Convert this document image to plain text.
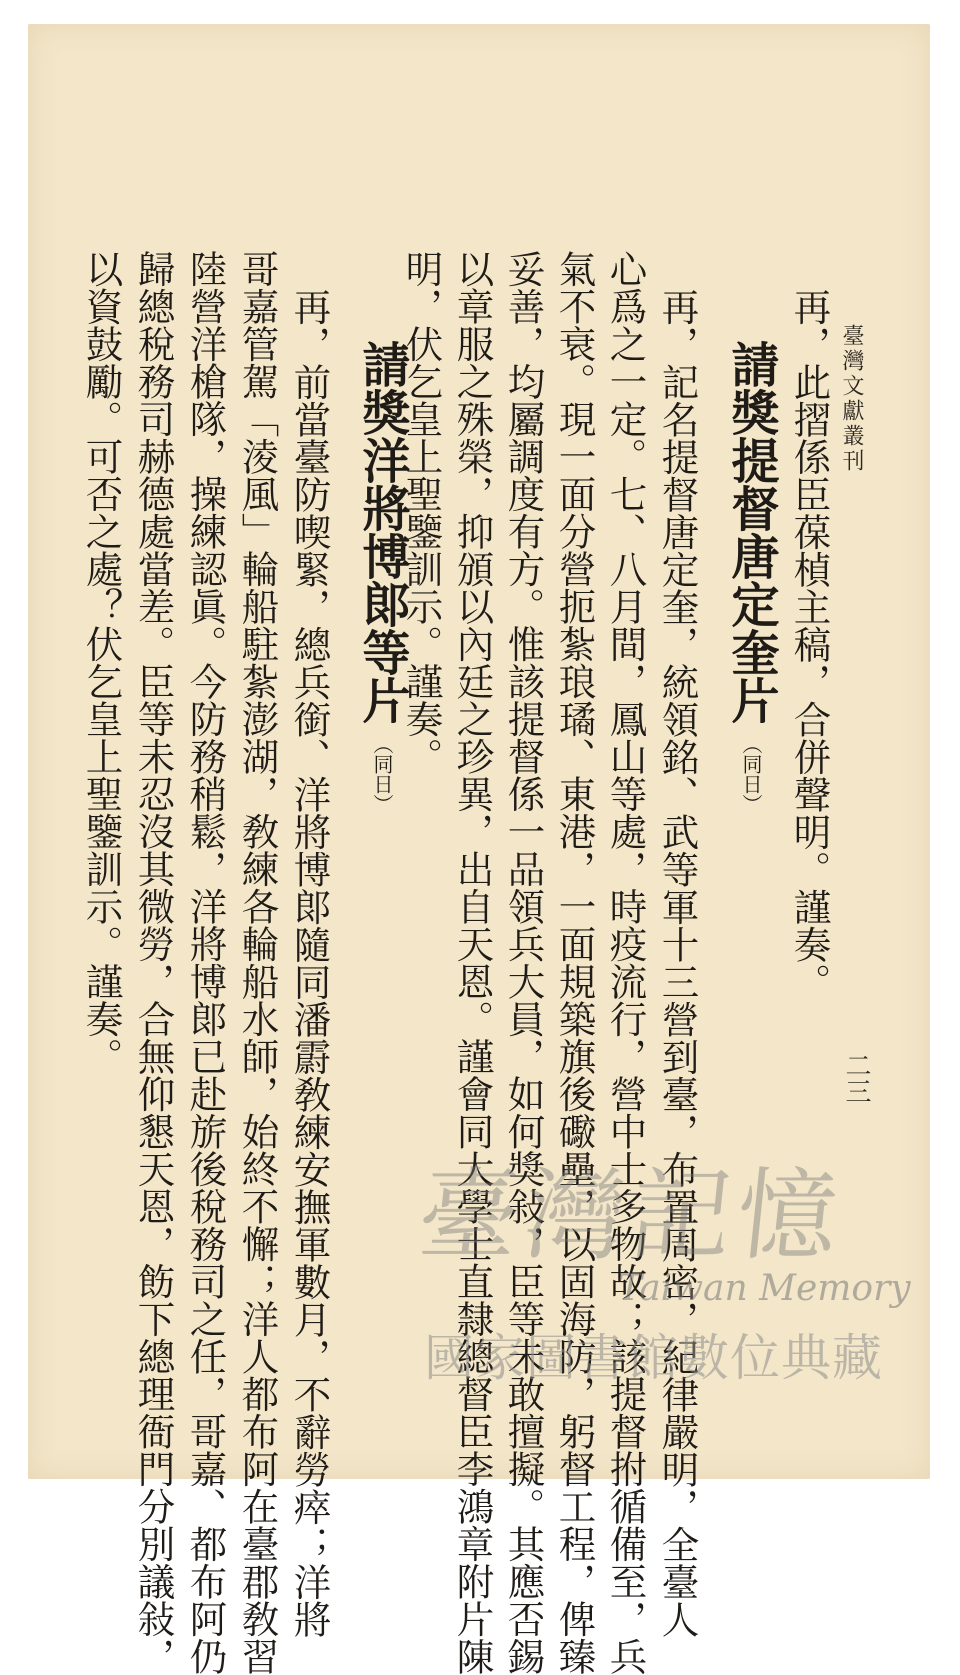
臺灣文獻叢刊
二三
再，此摺係臣葆楨主稿，合併聲明。謹奏。
請獎提督唐定奎片（同日）
再，記名提督唐定奎，統領銘、武等軍十三營到臺，布置周密，紀律嚴明，全臺人
心爲之一定。七、八月間，鳳山等處，時疫流行，營中士多物故；該提督拊循備至，兵
氣不衰。現一面分營扼紮琅璚、東港，一面規築旗後礮壘，以固海防，躬督工程，俾臻
妥善，均屬調度有方。惟該提督係一品領兵大員，如何獎敍，臣等未敢擅擬。其應否錫
以章服之殊榮，抑頒以內廷之珍異，出自天恩。謹會同大學士直隸總督臣李鴻章附片陳
明，伏乞皇上聖鑒訓示。謹奏。
請獎洋將博郞等片（同日）
再，前當臺防喫緊，總兵銜、洋將博郞隨同潘霨敎練安撫軍數月，不辭勞瘁；洋將
哥嘉管駕「淩風」輪船駐紮澎湖，敎練各輪船水師，始終不懈；洋人都布阿在臺郡敎習
陸營洋槍隊，操練認眞。今防務稍鬆，洋將博郞已赴旂後稅務司之任，哥嘉、都布阿仍
歸總稅務司赫德處當差。臣等未忍沒其微勞，合無仰懇天恩，飭下總理衙門分別議敍，
以資鼓勵。可否之處？伏乞皇上聖鑒訓示。謹奏。
臺灣記憶
Taiwan Memory
國家圖書館數位典藏
